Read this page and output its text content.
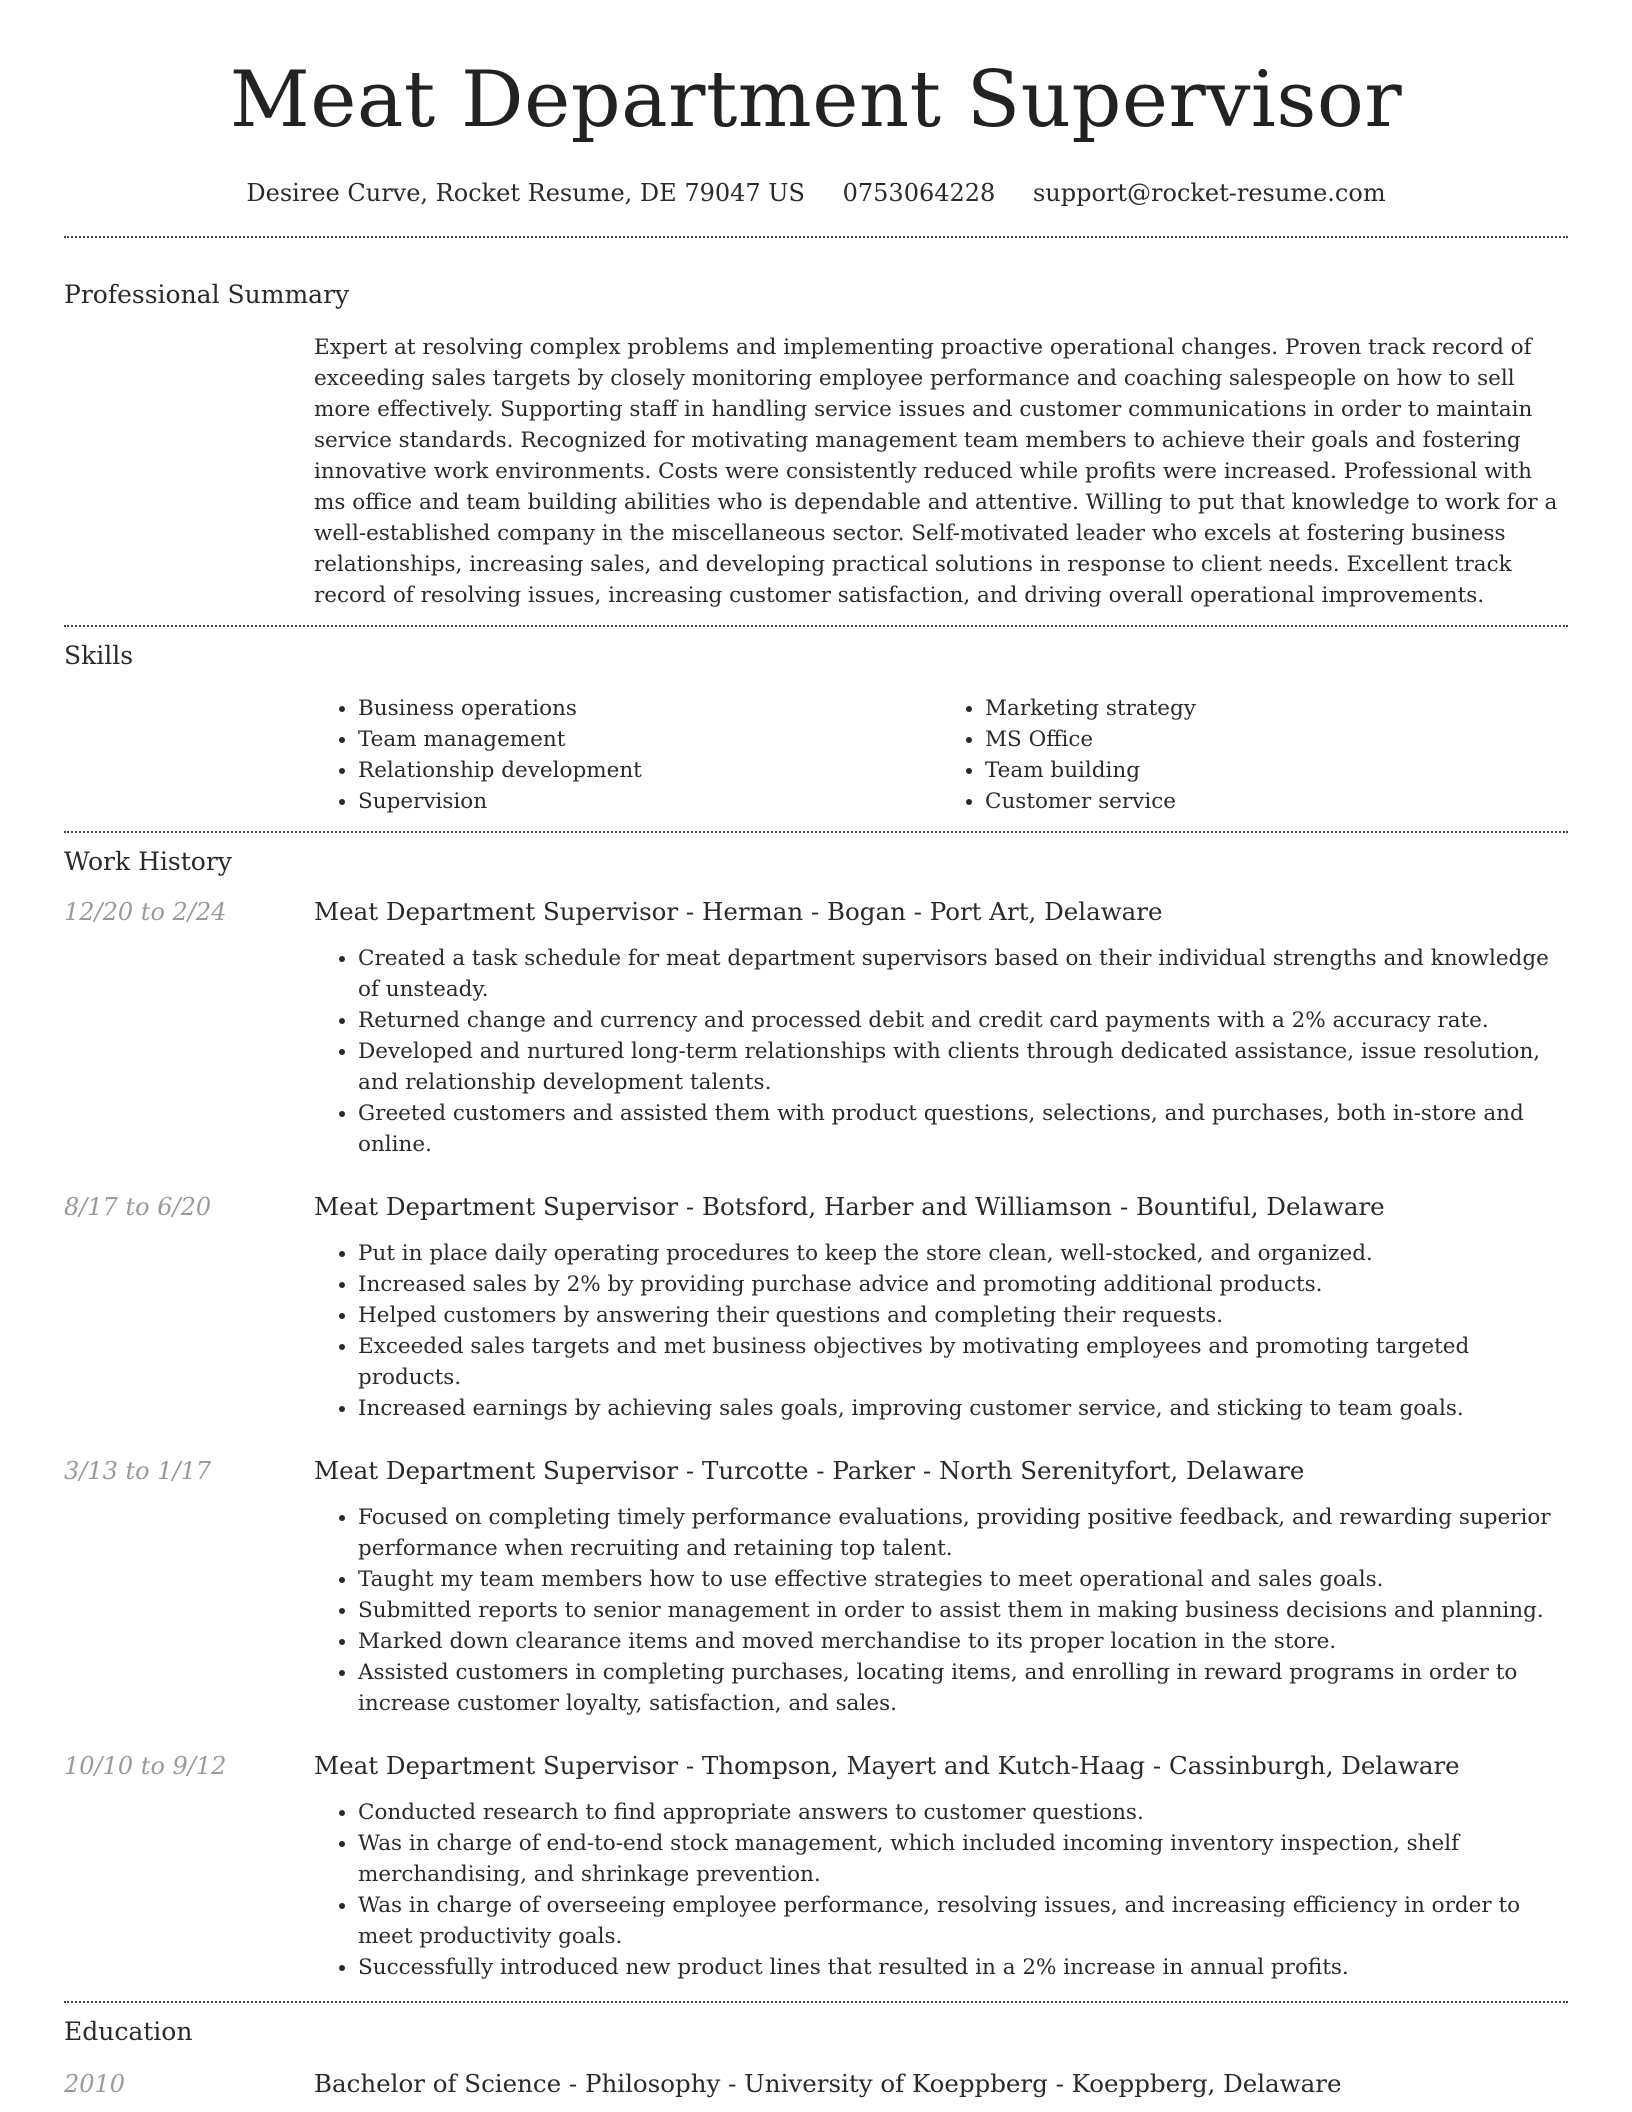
Meat Department Supervisor
Desiree Curve, Rocket Resume, DE 79047 US 0753064228 support@rocket-resume.com
Professional Summary
Expert at resolving complex problems and implementing proactive operational changes. Proven track record of exceeding sales targets by closely monitoring employee performance and coaching salespeople on how to sell more effectively. Supporting staff in handling service issues and customer communications in order to maintain service standards. Recognized for motivating management team members to achieve their goals and fostering innovative work environments. Costs were consistently reduced while profits were increased. Professional with ms office and team building abilities who is dependable and attentive. Willing to put that knowledge to work for a well-established company in the miscellaneous sector. Self-motivated leader who excels at fostering business relationships, increasing sales, and developing practical solutions in response to client needs. Excellent track record of resolving issues, increasing customer satisfaction, and driving overall operational improvements.
Skills
• Business operations
• Team management
• Relationship development
• Supervision
• Marketing strategy
• MS Office
• Team building
• Customer service
Work History
12/20 to 2/24	Meat Department Supervisor - Herman - Bogan - Port Art, Delaware
• Created a task schedule for meat department supervisors based on their individual strengths and knowledge of unsteady.
• Returned change and currency and processed debit and credit card payments with a 2% accuracy rate.
• Developed and nurtured long-term relationships with clients through dedicated assistance, issue resolution, and relationship development talents.
• Greeted customers and assisted them with product questions, selections, and purchases, both in-store and online.
8/17 to 6/20	Meat Department Supervisor - Botsford, Harber and Williamson - Bountiful, Delaware
• Put in place daily operating procedures to keep the store clean, well-stocked, and organized.
• Increased sales by 2% by providing purchase advice and promoting additional products.
• Helped customers by answering their questions and completing their requests.
• Exceeded sales targets and met business objectives by motivating employees and promoting targeted products.
• Increased earnings by achieving sales goals, improving customer service, and sticking to team goals.
3/13 to 1/17	Meat Department Supervisor - Turcotte - Parker - North Serenityfort, Delaware
• Focused on completing timely performance evaluations, providing positive feedback, and rewarding superior performance when recruiting and retaining top talent.
• Taught my team members how to use effective strategies to meet operational and sales goals.
• Submitted reports to senior management in order to assist them in making business decisions and planning.
• Marked down clearance items and moved merchandise to its proper location in the store.
• Assisted customers in completing purchases, locating items, and enrolling in reward programs in order to increase customer loyalty, satisfaction, and sales.
10/10 to 9/12	Meat Department Supervisor - Thompson, Mayert and Kutch-Haag - Cassinburgh, Delaware
• Conducted research to find appropriate answers to customer questions.
• Was in charge of end-to-end stock management, which included incoming inventory inspection, shelf merchandising, and shrinkage prevention.
• Was in charge of overseeing employee performance, resolving issues, and increasing efficiency in order to meet productivity goals.
• Successfully introduced new product lines that resulted in a 2% increase in annual profits.
Education
2010	Bachelor of Science - Philosophy - University of Koeppberg - Koeppberg, Delaware
